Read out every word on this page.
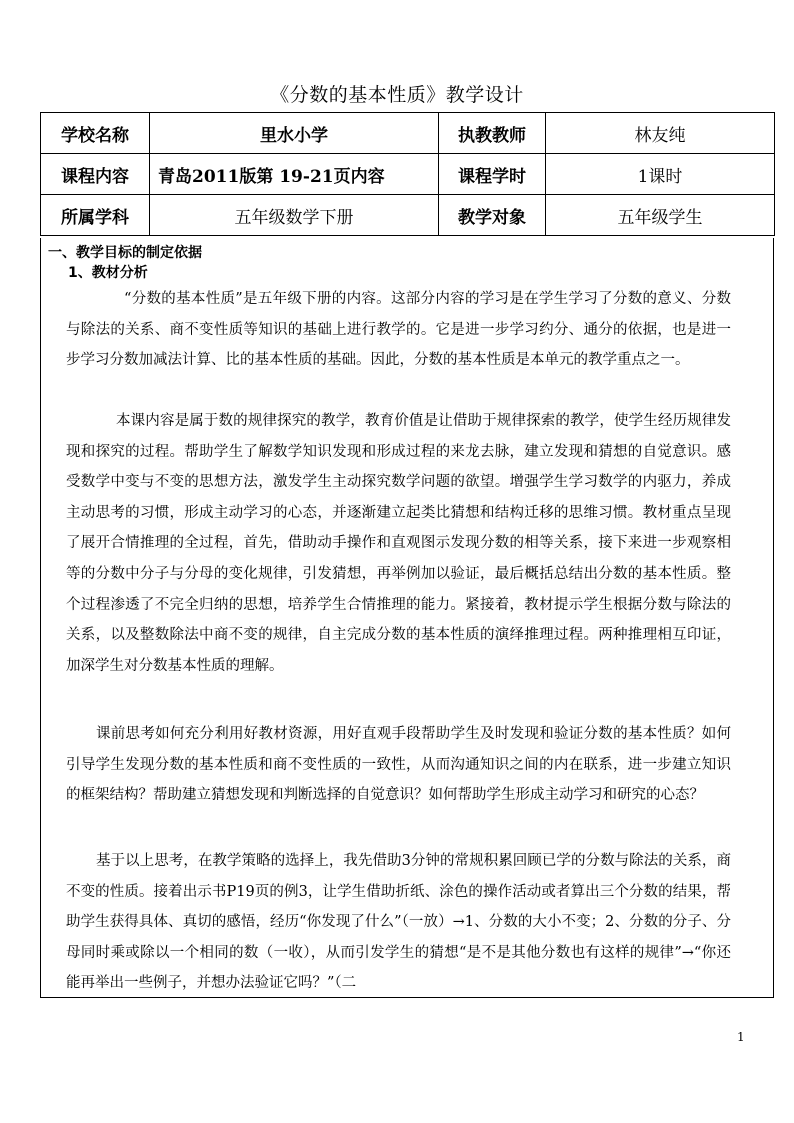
《分数的基本性质》教学设计
学校名称	里水小学	执教教师	林友纯
课程内容	青岛2011版第 19-21页内容	课程学时	1课时
所属学科	五年级数学下册	教学对象	五年级学生
一、教学目标的制定依据
1、教材分析

“分数的基本性质”是五年级下册的内容。这部分内容的学习是在学生学习了分数的意义、分数与除法的关系、商不变性质等知识的基础上进行教学的。它是进一步学习约分、通分的依据，也是进一步学习分数加减法计算、比的基本性质的基础。因此，分数的基本性质是本单元的教学重点之一。

本课内容是属于数的规律探究的教学，教育价值是让借助于规律探索的教学，使学生经历规律发现和探究的过程。帮助学生了解数学知识发现和形成过程的来龙去脉，建立发现和猜想的自觉意识。感受数学中变与不变的思想方法，激发学生主动探究数学问题的欲望。增强学生学习数学的内驱力，养成主动思考的习惯，形成主动学习的心态，并逐渐建立起类比猜想和结构迁移的思维习惯。教材重点呈现了展开合情推理的全过程，首先，借助动手操作和直观图示发现分数的相等关系，接下来进一步观察相等的分数中分子与分母的变化规律，引发猜想，再举例加以验证，最后概括总结出分数的基本性质。整个过程渗透了不完全归纳的思想，培养学生合情推理的能力。紧接着，教材提示学生根据分数与除法的关系，以及整数除法中商不变的规律，自主完成分数的基本性质的演绎推理过程。两种推理相互印证，加深学生对分数基本性质的理解。

课前思考如何充分利用好教材资源，用好直观手段帮助学生及时发现和验证分数的基本性质？如何引导学生发现分数的基本性质和商不变性质的一致性，从而沟通知识之间的内在联系，进一步建立知识的框架结构？帮助建立猜想发现和判断选择的自觉意识？如何帮助学生形成主动学习和研究的心态？

基于以上思考，在教学策略的选择上，我先借助3分钟的常规积累回顾已学的分数与除法的关系，商不变的性质。接着出示书P19页的例3，让学生借助折纸、涂色的操作活动或者算出三个分数的结果，帮助学生获得具体、真切的感悟，经历“你发现了什么”（一放）→1、分数的大小不变；2、分数的分子、分母同时乘或除以一个相同的数（一收），从而引发学生的猜想“是不是其他分数也有这样的规律”→“你还能再举出一些例子，并想办法验证它吗？”（二

1
